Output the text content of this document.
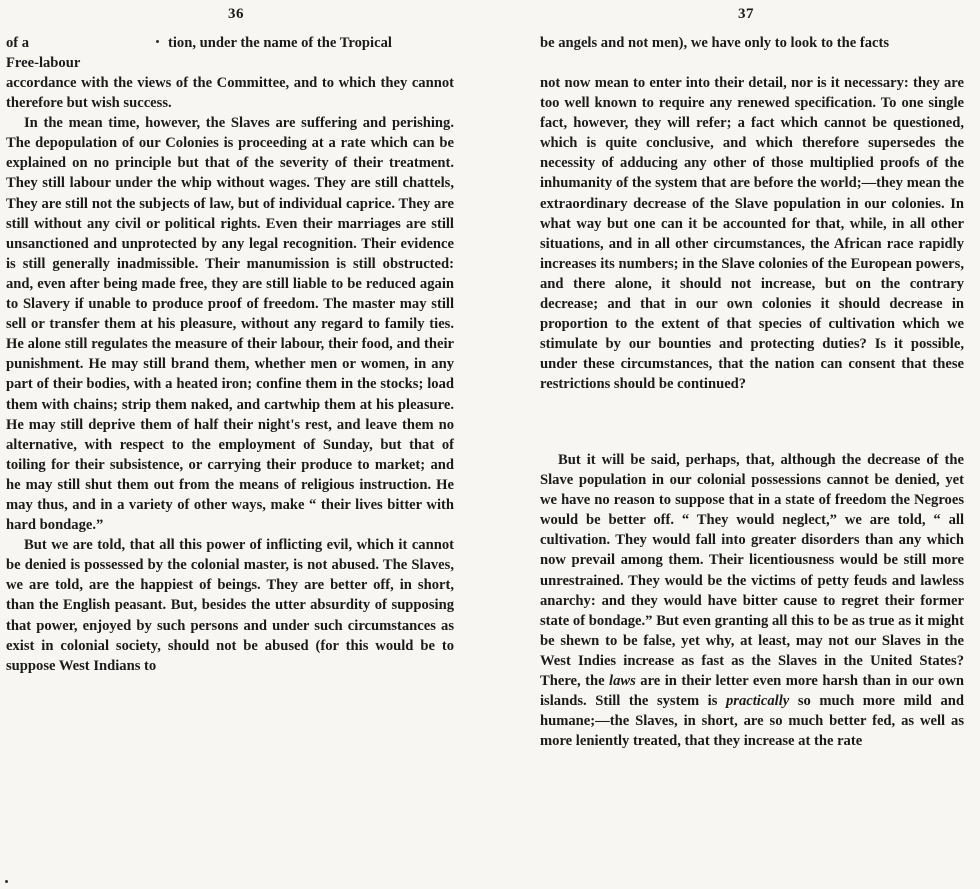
36
of a	tion, under the name of the Tropical
Free-labour

accordance with the views of the Committee, and to which they cannot therefore but wish success.

In the mean time, however, the Slaves are suffering and perishing. The depopulation of our Colonies is proceeding at a rate which can be explained on no principle but that of the severity of their treatment. They still labour under the whip without wages. They are still chattels, They are still not the subjects of law, but of individual caprice. They are still without any civil or political rights. Even their marriages are still unsanctioned and unprotected by any legal recognition. Their evidence is still generally inadmissible. Their manumission is still obstructed: and, even after being made free, they are still liable to be reduced again to Slavery if unable to produce proof of freedom. The master may still sell or transfer them at his pleasure, without any regard to family ties. He alone still regulates the measure of their labour, their food, and their punishment. He may still brand them, whether men or women, in any part of their bodies, with a heated iron; confine them in the stocks; load them with chains; strip them naked, and cartwhip them at his pleasure. He may still deprive them of half their night's rest, and leave them no alternative, with respect to the employment of Sunday, but that of toiling for their subsistence, or carrying their produce to market; and he may still shut them out from the means of religious instruction. He may thus, and in a variety of other ways, make “ their lives bitter with hard bondage.”

But we are told, that all this power of inflicting evil, which it cannot be denied is possessed by the colonial master, is not abused. The Slaves, we are told, are the happiest of beings. They are better off, in short, than the English peasant. But, besides the utter absurdity of supposing that power, enjoyed by such persons and under such circumstances as exist in colonial society, should not be abused (for this would be to suppose West Indians to

37
be angels and not men), we have only to look to the facts

not now mean to enter into their detail, nor is it necessary: they are too well known to require any renewed specification. To one single fact, however, they will refer; a fact which cannot be questioned, which is quite conclusive, and which therefore supersedes the necessity of adducing any other of those multiplied proofs of the inhumanity of the system that are before the world;—they mean the extraordinary decrease of the Slave population in our colonies. In what way but one can it be accounted for that, while, in all other situations, and in all other circumstances, the African race rapidly increases its numbers; in the Slave colonies of the European powers, and there alone, it should not increase, but on the contrary decrease; and that in our own colonies it should decrease in proportion to the extent of that species of cultivation which we stimulate by our bounties and protecting duties? Is it possible, under these circumstances, that the nation can consent that these restrictions should be continued?

But it will be said, perhaps, that, although the decrease of the Slave population in our colonial possessions cannot be denied, yet we have no reason to suppose that in a state of freedom the Negroes would be better off. “ They would neglect,” we are told, “ all cultivation. They would fall into greater disorders than any which now prevail among them. Their licentiousness would be still more unrestrained. They would be the victims of petty feuds and lawless anarchy: and they would have bitter cause to regret their former state of bondage.” But even granting all this to be as true as it might be shewn to be false, yet why, at least, may not our Slaves in the West Indies increase as fast as the Slaves in the United States? There, the laws are in their letter even more harsh than in our own islands. Still the system is practically so much more mild and humane;—the Slaves, in short, are so much better fed, as well as more leniently treated, that they increase at the rate
